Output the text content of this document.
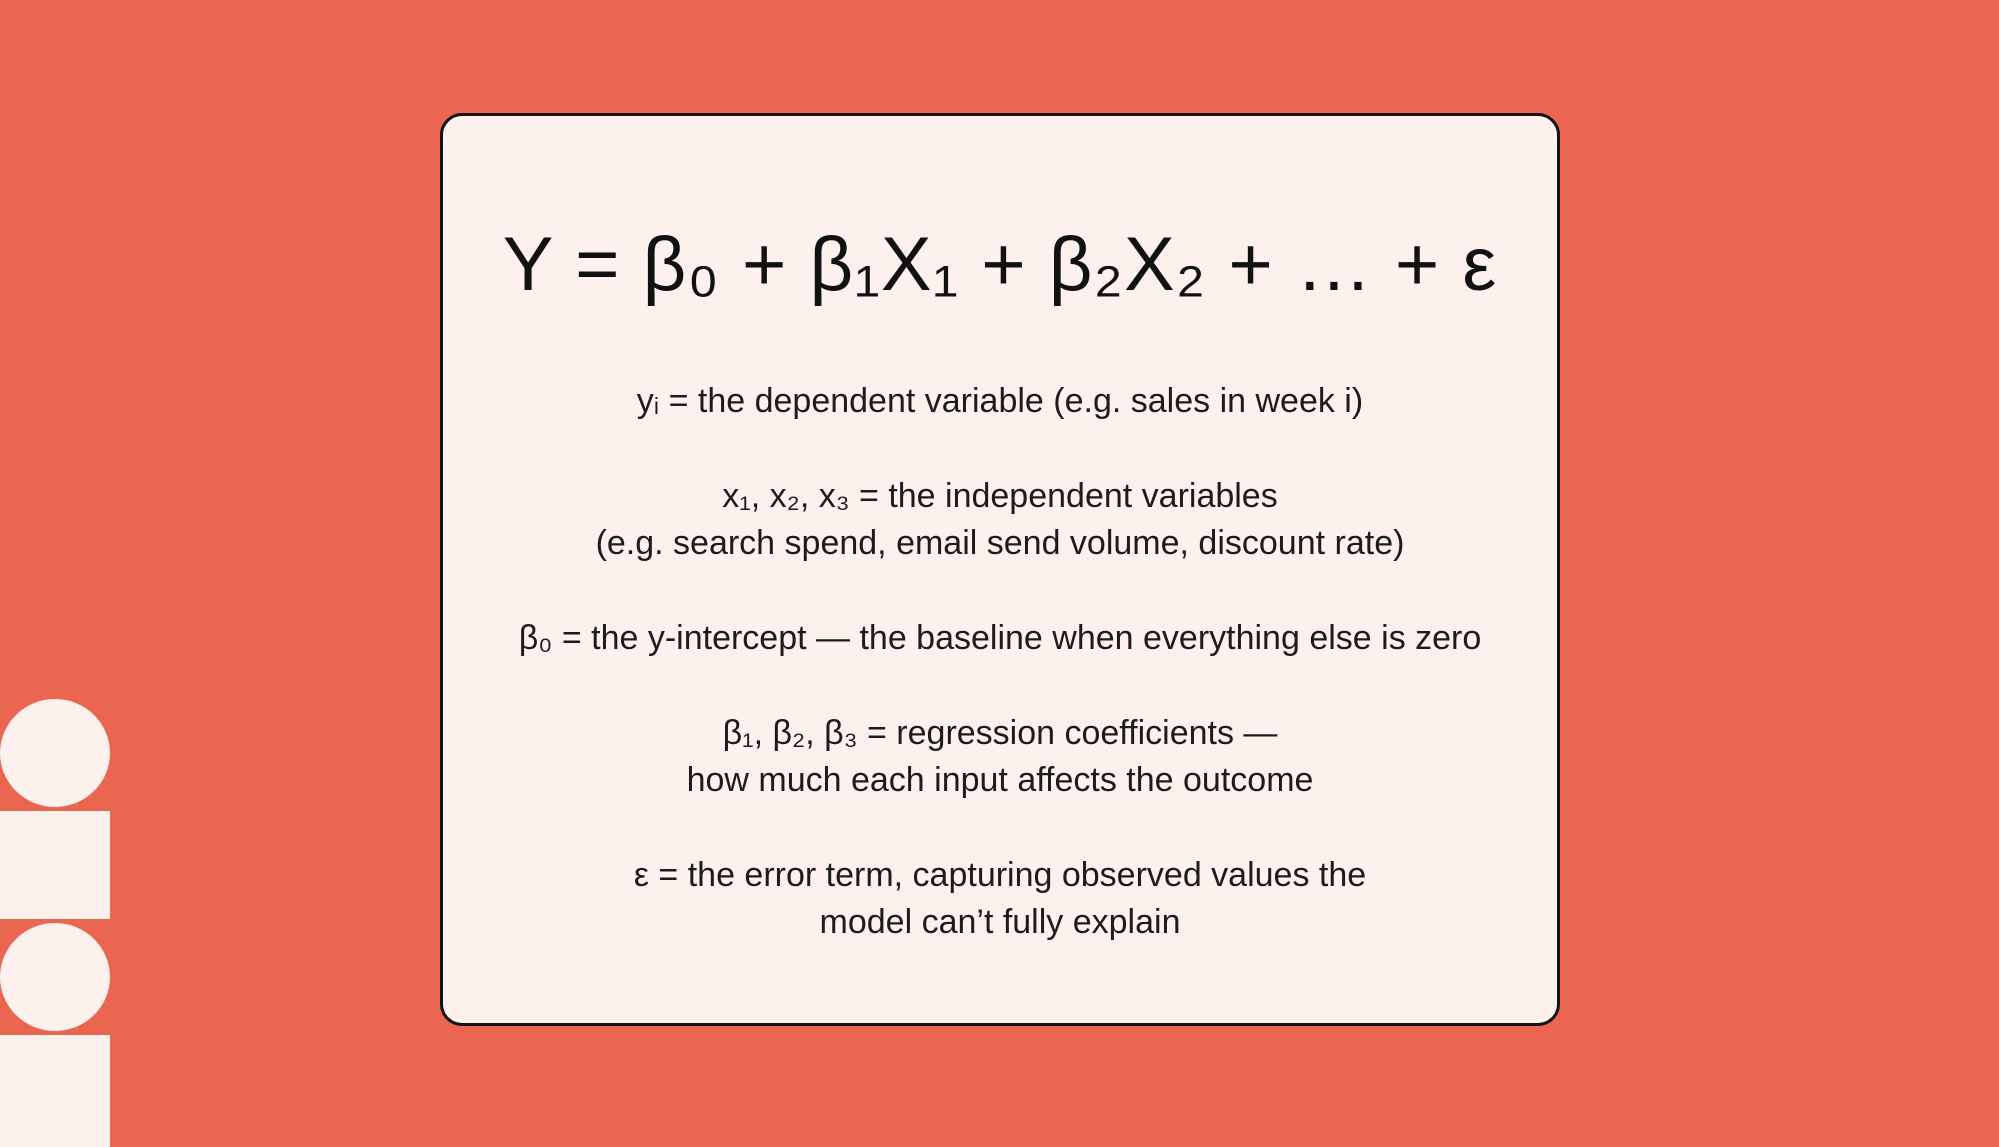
Y = β₀ + β₁X₁ + β₂X₂ + … + ε
yᵢ = the dependent variable (e.g. sales in week i)
x₁, x₂, x₃ = the independent variables
(e.g. search spend, email send volume, discount rate)
β₀ = the y-intercept — the baseline when everything else is zero
β₁, β₂, β₃ = regression coefficients —
how much each input affects the outcome
ε = the error term, capturing observed values the
model can’t fully explain
